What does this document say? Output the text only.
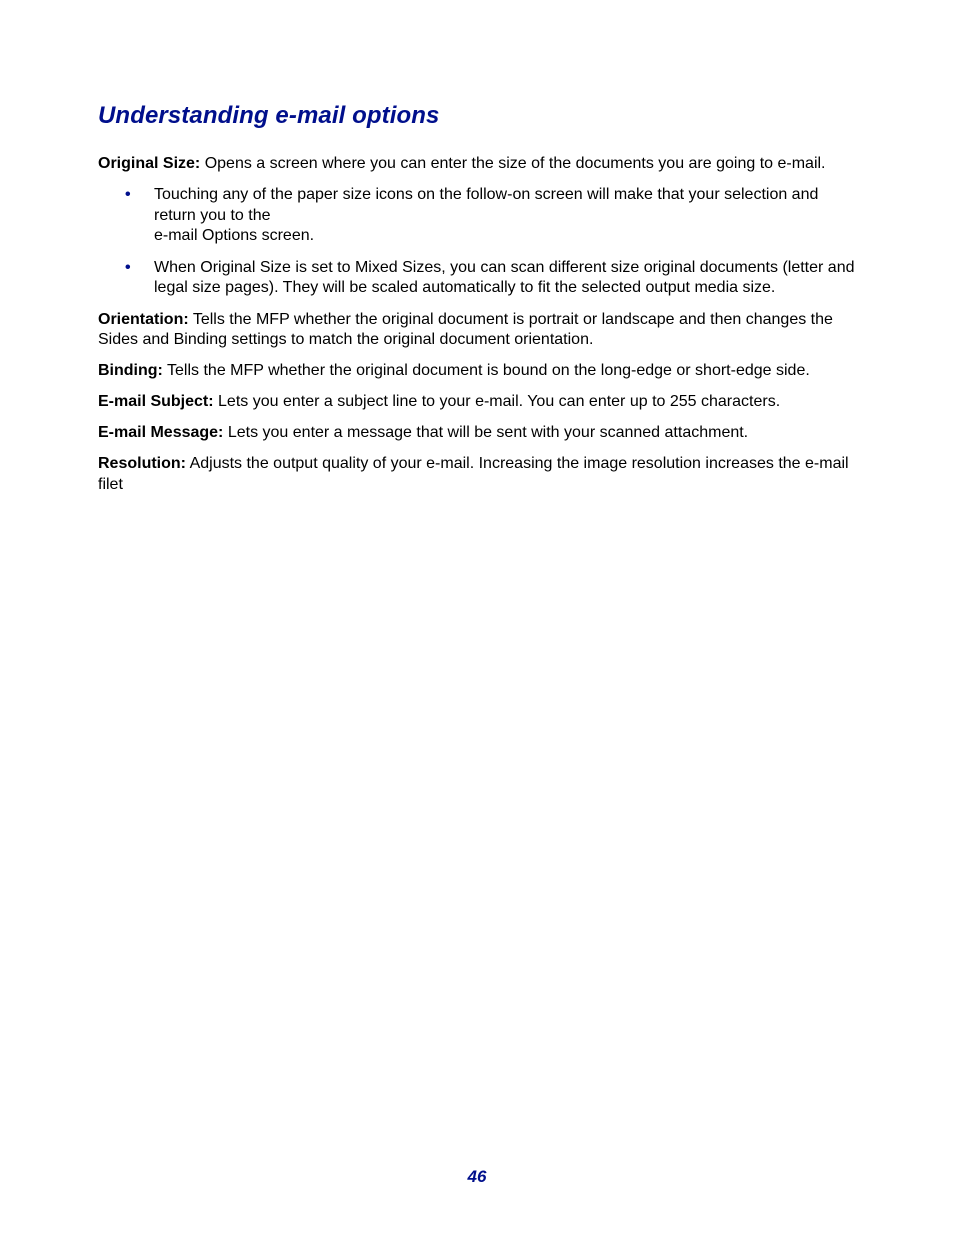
Understanding e-mail options

Original Size: Opens a screen where you can enter the size of the documents you are going to e-mail.

• Touching any of the paper size icons on the follow-on screen will make that your selection and return you to the
e-mail Options screen.
• When Original Size is set to Mixed Sizes, you can scan different size original documents (letter and legal size pages). They will be scaled automatically to fit the selected output media size.

Orientation: Tells the MFP whether the original document is portrait or landscape and then changes the Sides and Binding settings to match the original document orientation.

Binding: Tells the MFP whether the original document is bound on the long-edge or short-edge side.

E-mail Subject: Lets you enter a subject line to your e-mail. You can enter up to 255 characters.

E-mail Message: Lets you enter a message that will be sent with your scanned attachment.

Resolution: Adjusts the output quality of your e-mail. Increasing the image resolution increases the e-mail filet

46
